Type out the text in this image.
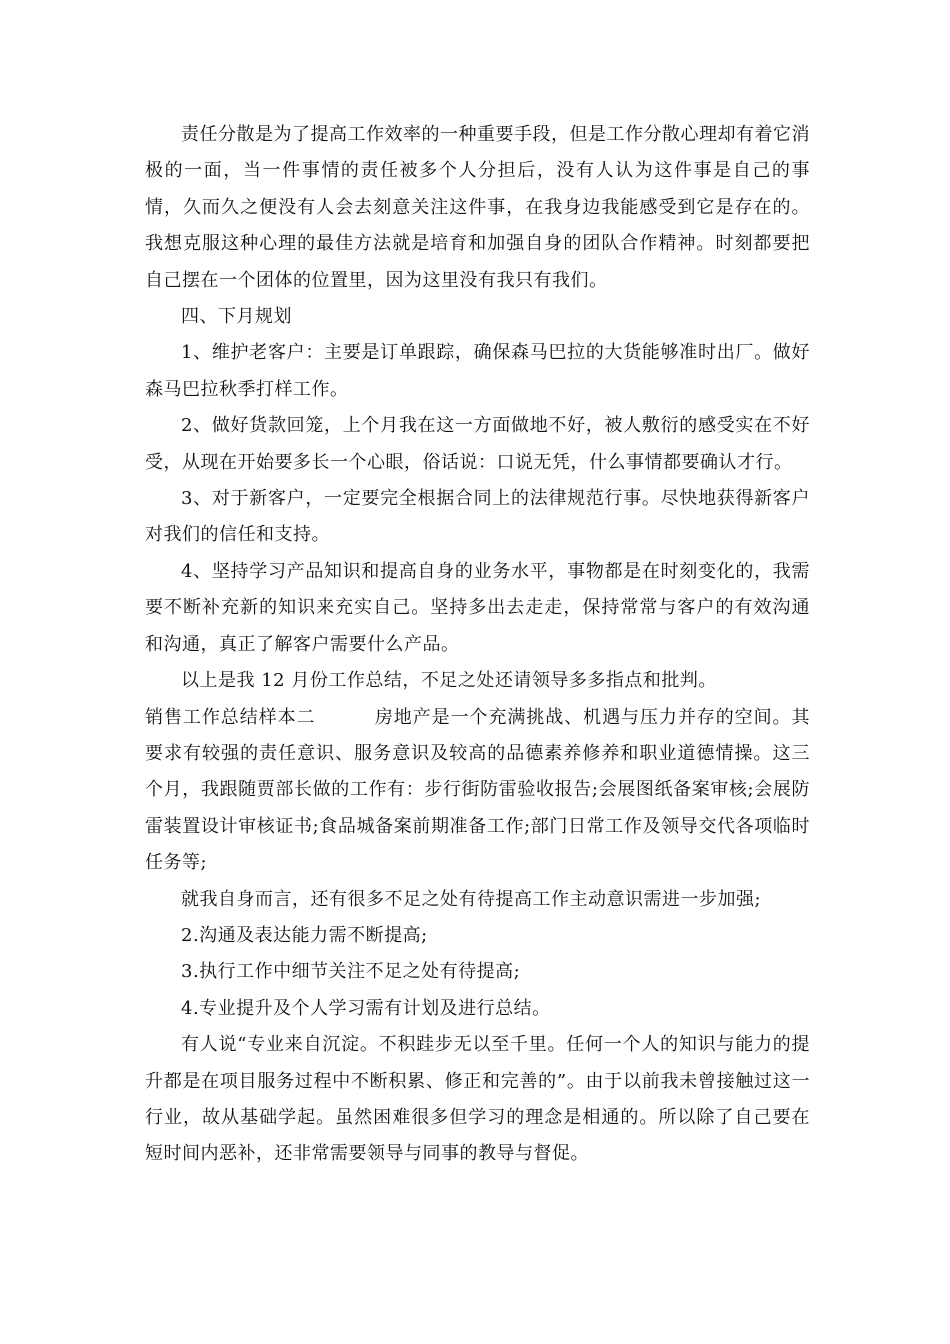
责任分散是为了提高工作效率的一种重要手段，但是工作分散心理却有着它消极的一面，当一件事情的责任被多个人分担后，没有人认为这件事是自己的事情，久而久之便没有人会去刻意关注这件事，在我身边我能感受到它是存在的。我想克服这种心理的最佳方法就是培育和加强自身的团队合作精神。时刻都要把自己摆在一个团体的位置里，因为这里没有我只有我们。

四、下月规划

1、维护老客户：主要是订单跟踪，确保森马巴拉的大货能够准时出厂。做好森马巴拉秋季打样工作。

2、做好货款回笼，上个月我在这一方面做地不好，被人敷衍的感受实在不好受，从现在开始要多长一个心眼，俗话说：口说无凭，什么事情都要确认才行。

3、对于新客户，一定要完全根据合同上的法律规范行事。尽快地获得新客户对我们的信任和支持。

4、坚持学习产品知识和提高自身的业务水平，事物都是在时刻变化的，我需要不断补充新的知识来充实自己。坚持多出去走走，保持常常与客户的有效沟通和沟通，真正了解客户需要什么产品。

以上是我 12 月份工作总结，不足之处还请领导多多指点和批判。

销售工作总结样本二	房地产是一个充满挑战、机遇与压力并存的空间。其要求有较强的责任意识、服务意识及较高的品德素养修养和职业道德情操。这三个月，我跟随贾部长做的工作有：步行街防雷验收报告;会展图纸备案审核;会展防雷装置设计审核证书;食品城备案前期准备工作;部门日常工作及领导交代各项临时任务等;

就我自身而言，还有很多不足之处有待提高工作主动意识需进一步加强;

2.沟通及表达能力需不断提高;

3.执行工作中细节关注不足之处有待提高;

4.专业提升及个人学习需有计划及进行总结。

有人说“专业来自沉淀。不积跬步无以至千里。任何一个人的知识与能力的提升都是在项目服务过程中不断积累、修正和完善的”。由于以前我未曾接触过这一行业，故从基础学起。虽然困难很多但学习的理念是相通的。所以除了自己要在短时间内恶补，还非常需要领导与同事的教导与督促。
